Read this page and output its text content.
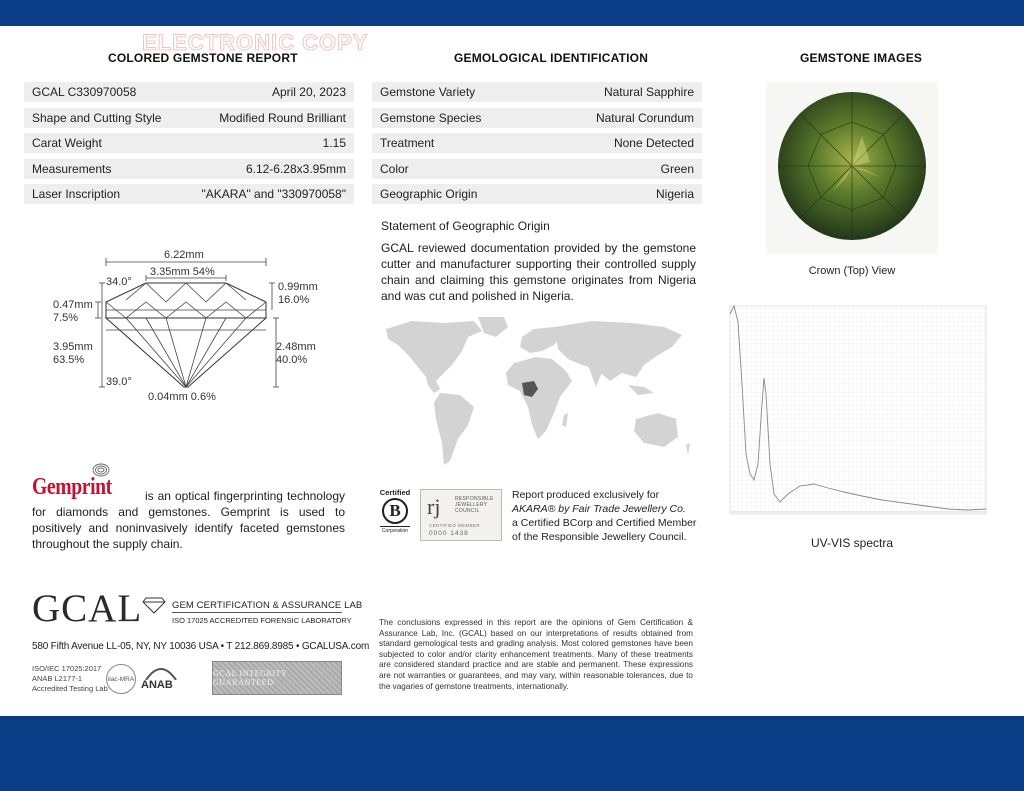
ELECTRONIC COPY
COLORED GEMSTONE REPORT
GCAL C330970058	April 20, 2023
Shape and Cutting Style	Modified Round Brilliant
Carat Weight	1.15
Measurements	6.12-6.28x3.95mm
Laser Inscription	"AKARA" and "330970058"
6.22mm
3.35mm 54%
34.0°
0.47mm
7.5%
3.95mm
63.5%
39.0°
0.04mm 0.6%
0.99mm
16.0%
2.48mm
40.0%
Gemprint	is an optical fingerprinting technology for diamonds and gemstones. Gemprint is used to positively and noninvasively identify faceted gemstones throughout the supply chain.
GCAL	GEM CERTIFICATION & ASSURANCE LAB
ISO 17025 ACCREDITED FORENSIC LABORATORY
580 Fifth Avenue LL-05, NY, NY 10036 USA • T 212.869.8985 • GCALUSA.com
ISO/IEC 17025:2017
ANAB L2177-1
Accredited Testing Lab
ilac-MRA ANAB
GCAL INTEGRITY GUARANTEED
GEMOLOGICAL IDENTIFICATION
Gemstone Variety	Natural Sapphire
Gemstone Species	Natural Corundum
Treatment	None Detected
Color	Green
Geographic Origin	Nigeria
Statement of Geographic Origin
GCAL reviewed documentation provided by the gemstone cutter and manufacturer supporting their controlled supply chain and claiming this gemstone originates from Nigeria and was cut and polished in Nigeria.
Certified
B
Corporation
rj	RESPONSIBLE
JEWELLERY
COUNCIL
CERTIFIED MEMBER
0000 1438
Report produced exclusively for
AKARA® by Fair Trade Jewellery Co.
a Certified BCorp and Certified Member
of the Responsible Jewellery Council.
The conclusions expressed in this report are the opinions of Gem Certification & Assurance Lab, Inc. (GCAL) based on our interpretations of results obtained from standard gemological tests and grading analysis. Most colored gemstones have been subjected to color and/or clarity enhancement treatments. Many of these treatments are considered standard practice and are stable and permanent. These expressions are not warranties or guarantees, and may vary, within reasonable tolerances, due to the vagaries of gemstone treatments, internationally.
GEMSTONE IMAGES
Crown (Top) View
UV-VIS spectra
